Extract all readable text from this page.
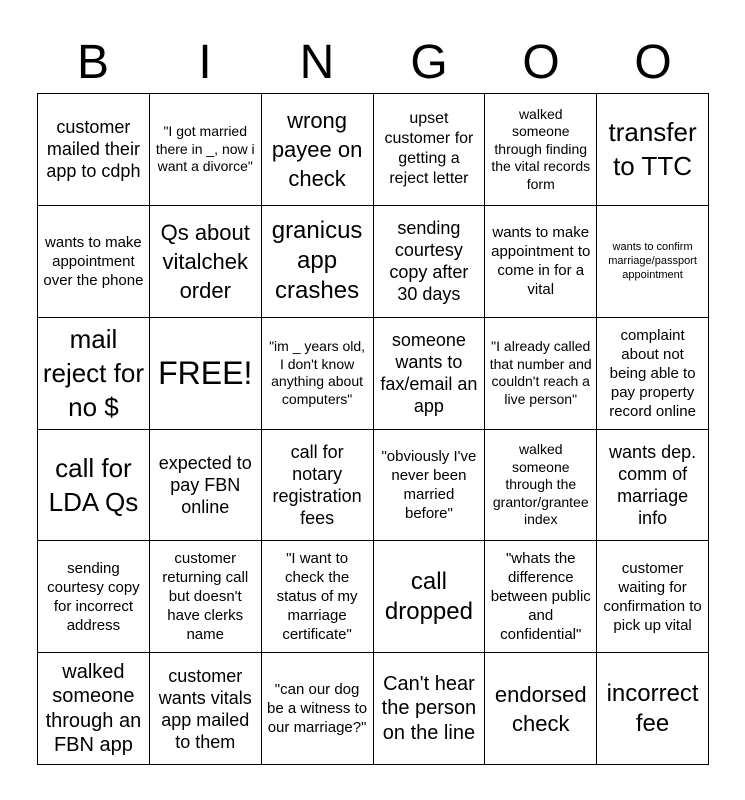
B	I	N	G	O	O
customer mailed their app to cdph
"I got married there in _, now i want a divorce"
wrong payee on check
upset customer for getting a reject letter
walked someone through finding the vital records form
transfer to TTC
wants to make appointment over the phone
Qs about vitalchek order
granicus app crashes
sending courtesy copy after 30 days
wants to make appointment to come in for a vital
wants to confirm marriage/passport appointment
mail reject for no $
FREE!
"im _ years old, I don't know anything about computers"
someone wants to fax/email an app
"I already called that number and couldn't reach a live person"
complaint about not being able to pay property record online
call for LDA Qs
expected to pay FBN online
call for notary registration fees
"obviously I've never been married before"
walked someone through the grantor/grantee index
wants dep. comm of marriage info
sending courtesy copy for incorrect address
customer returning call but doesn't have clerks name
"I want to check the status of my marriage certificate"
call dropped
"whats the difference between public and confidential"
customer waiting for confirmation to pick up vital
walked someone through an FBN app
customer wants vitals app mailed to them
"can our dog be a witness to our marriage?"
Can't hear the person on the line
endorsed check
incorrect fee
